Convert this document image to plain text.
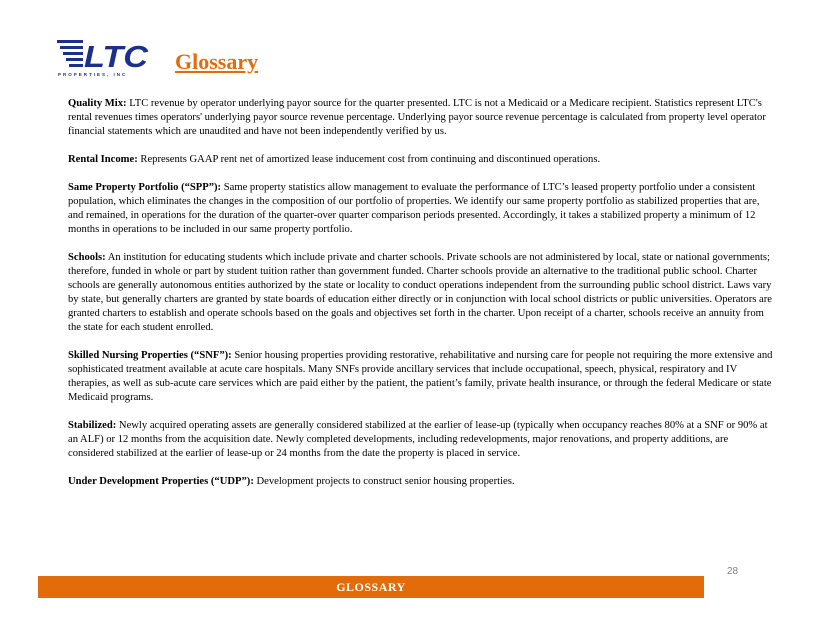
LTC
PROPERTIES, INC
Glossary

Quality Mix: LTC revenue by operator underlying payor source for the quarter presented. LTC is not a Medicaid or a Medicare recipient. Statistics represent LTC's rental revenues times operators' underlying payor source revenue percentage. Underlying payor source revenue percentage is calculated from property level operator financial statements which are unaudited and have not been independently verified by us.

Rental Income: Represents GAAP rent net of amortized lease inducement cost from continuing and discontinued operations.

Same Property Portfolio (“SPP”): Same property statistics allow management to evaluate the performance of LTC’s leased property portfolio under a consistent population, which eliminates the changes in the composition of our portfolio of properties. We identify our same property portfolio as stabilized properties that are, and remained, in operations for the duration of the quarter-over quarter comparison periods presented. Accordingly, it takes a stabilized property a minimum of 12 months in operations to be included in our same property portfolio.

Schools: An institution for educating students which include private and charter schools. Private schools are not administered by local, state or national governments; therefore, funded in whole or part by student tuition rather than government funded. Charter schools provide an alternative to the traditional public school. Charter schools are generally autonomous entities authorized by the state or locality to conduct operations independent from the surrounding public school district. Laws vary by state, but generally charters are granted by state boards of education either directly or in conjunction with local school districts or public universities. Operators are granted charters to establish and operate schools based on the goals and objectives set forth in the charter. Upon receipt of a charter, schools receive an annuity from the state for each student enrolled.

Skilled Nursing Properties (“SNF”): Senior housing properties providing restorative, rehabilitative and nursing care for people not requiring the more extensive and sophisticated treatment available at acute care hospitals. Many SNFs provide ancillary services that include occupational, speech, physical, respiratory and IV therapies, as well as sub-acute care services which are paid either by the patient, the patient’s family, private health insurance, or through the federal Medicare or state Medicaid programs.

Stabilized: Newly acquired operating assets are generally considered stabilized at the earlier of lease-up (typically when occupancy reaches 80% at a SNF or 90% at an ALF) or 12 months from the acquisition date. Newly completed developments, including redevelopments, major renovations, and property additions, are considered stabilized at the earlier of lease-up or 24 months from the date the property is placed in service.

Under Development Properties (“UDP”): Development projects to construct senior housing properties.

28
GLOSSARY
